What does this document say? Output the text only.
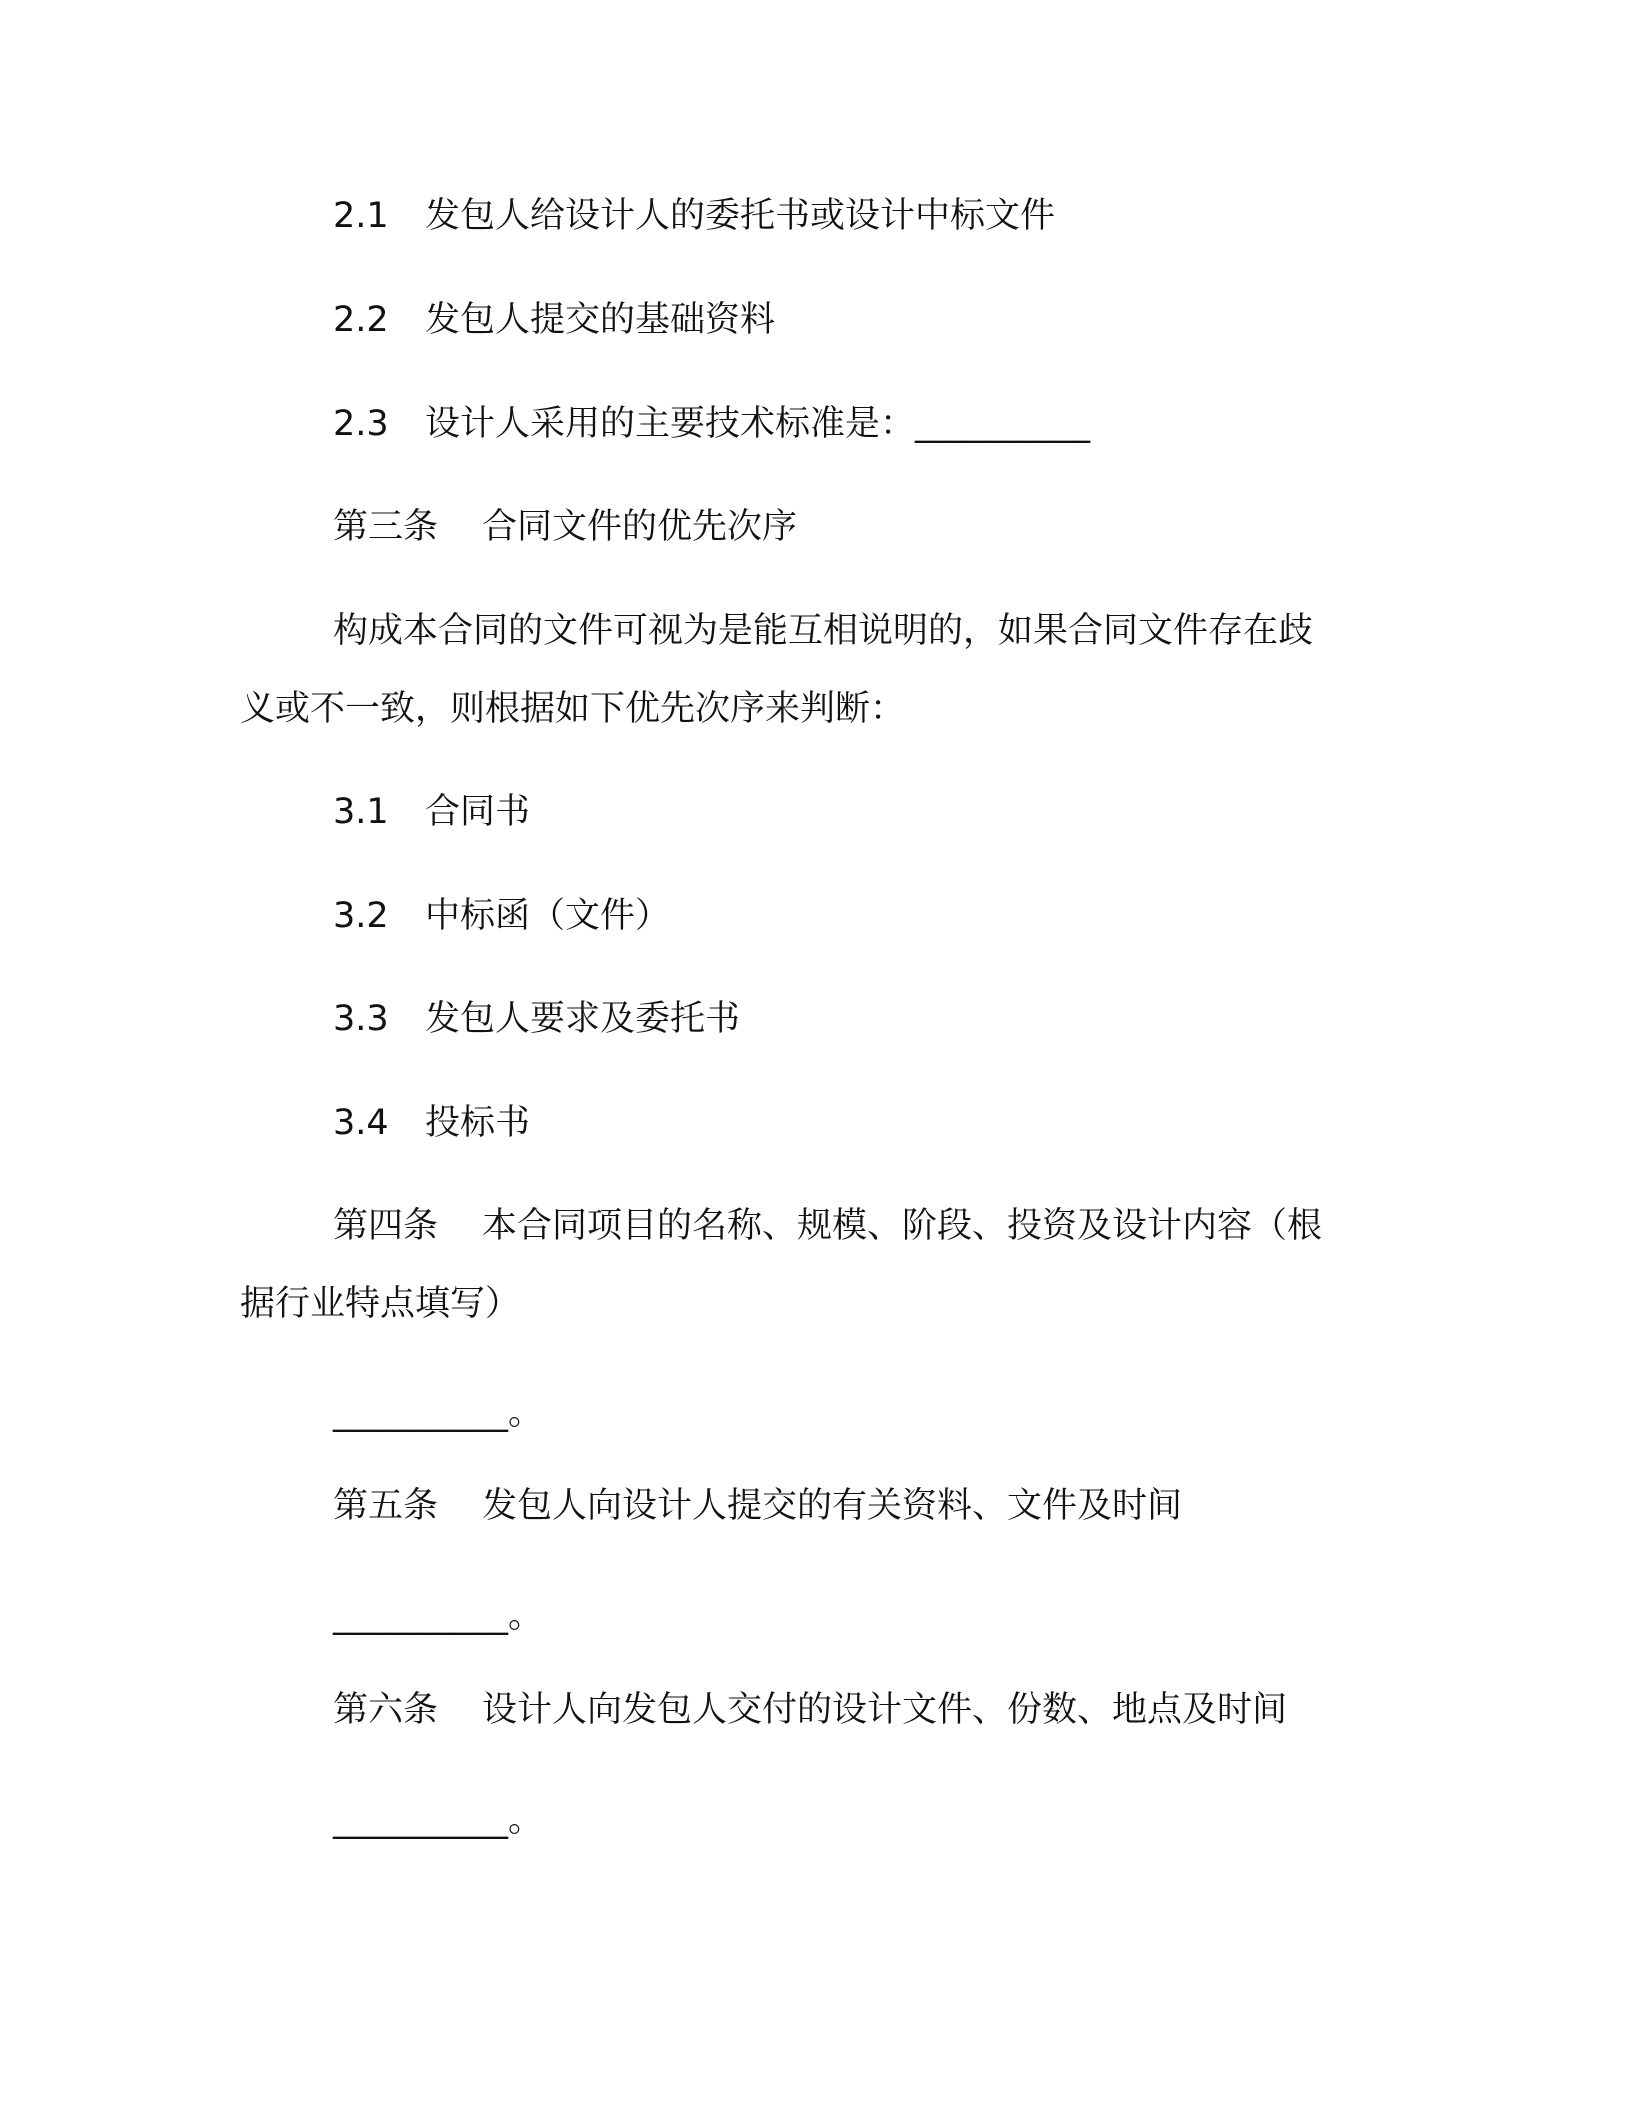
2.1 发包人给设计人的委托书或设计中标文件
2.2 发包人提交的基础资料
2.3 设计人采用的主要技术标准是：__________
第三条 合同文件的优先次序
构成本合同的文件可视为是能互相说明的，如果合同文件存在歧
义或不一致，则根据如下优先次序来判断：
3.1 合同书
3.2 中标函（文件）
3.3 发包人要求及委托书
3.4 投标书
第四条 本合同项目的名称、规模、阶段、投资及设计内容（根
据行业特点填写）
__________。
第五条 发包人向设计人提交的有关资料、文件及时间
__________。
第六条 设计人向发包人交付的设计文件、份数、地点及时间
__________。
